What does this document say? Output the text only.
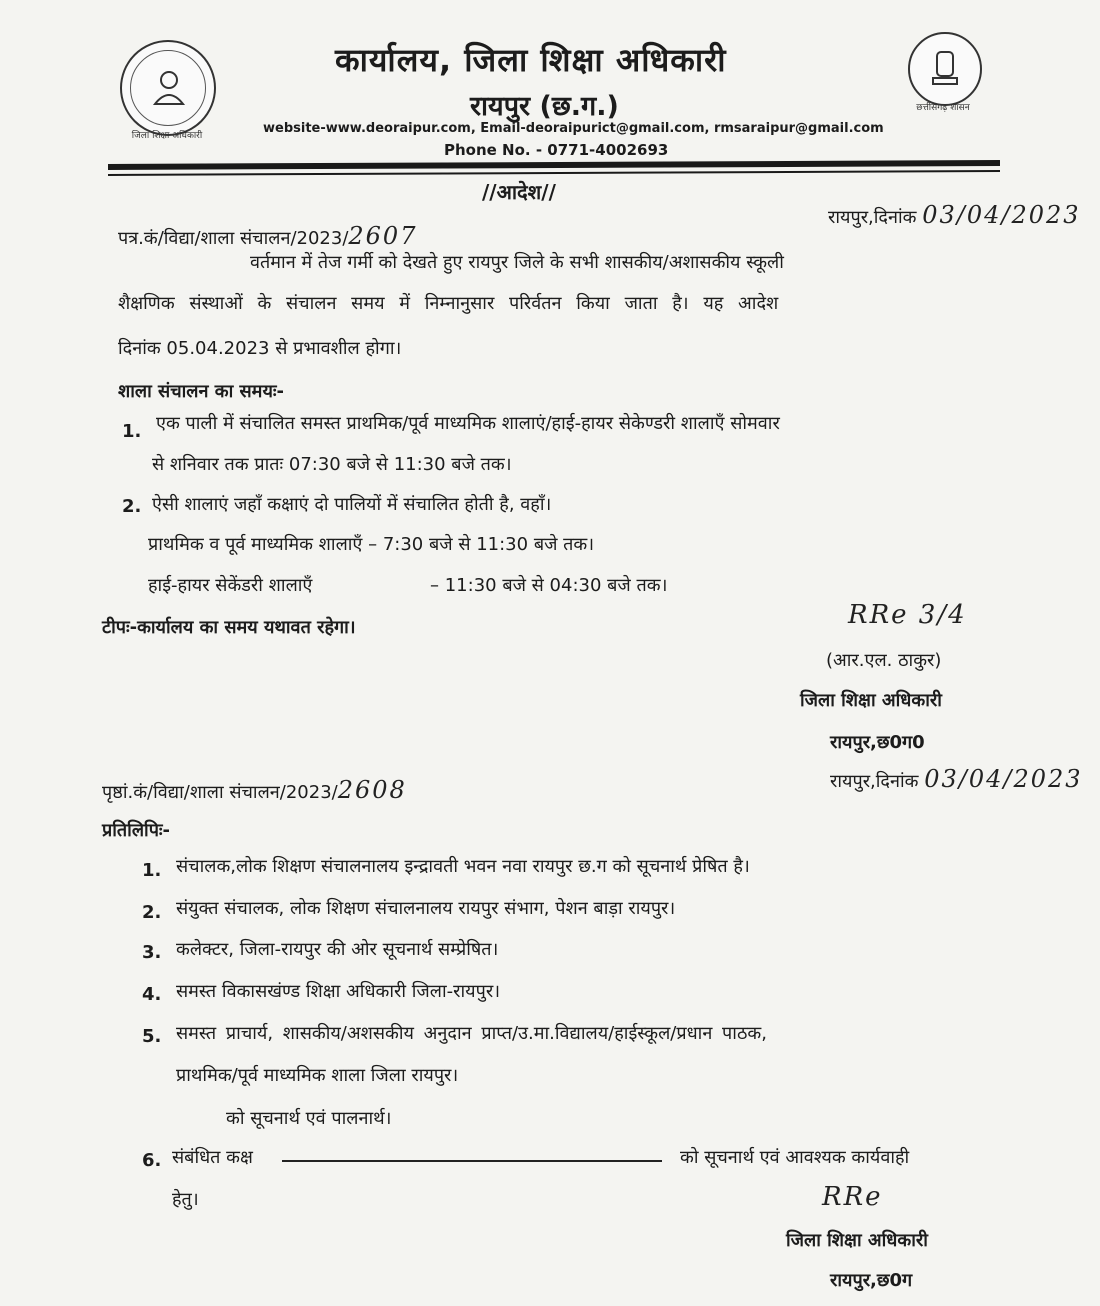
जिला शिक्षा अधिकारी
छत्तीसगढ़ शासन
कार्यालय, जिला शिक्षा अधिकारी
रायपुर (छ.ग.)
website-www.deoraipur.com, Email-deoraipurict@gmail.com, rmsaraipur@gmail.com
Phone No. - 0771-4002693
//आदेश//
पत्र.कं/विद्या/शाला संचालन/2023/2607
रायपुर,दिनांक 03/04/2023
वर्तमान में तेज गर्मी को देखते हुए रायपुर जिले के सभी शासकीय/अशासकीय स्कूली
शैक्षणिक संस्थाओं के संचालन समय में निम्नानुसार परिर्वतन किया जाता है। यह आदेश
दिनांक 05.04.2023 से प्रभावशील होगा।
शाला संचालन का समयः-
1. एक पाली में संचालित समस्त प्राथमिक/पूर्व माध्यमिक शालाएं/हाई-हायर सेकेण्डरी शालाएँ सोमवार
से शनिवार तक प्रातः 07:30 बजे से 11:30 बजे तक।
2. ऐसी शालाएं जहाँ कक्षाएं दो पालियों में संचालित होती है, वहाँ।
प्राथमिक व पूर्व माध्यमिक शालाएँ – 7:30 बजे से 11:30 बजे तक।
हाई-हायर सेकेंडरी शालाएँ	– 11:30 बजे से 04:30 बजे तक।
टीपः-कार्यालय का समय यथावत रहेगा।	RRe 3/4
(आर.एल. ठाकुर)
जिला शिक्षा अधिकारी
रायपुर,छ0ग0
पृष्ठां.कं/विद्या/शाला संचालन/2023/2608	रायपुर,दिनांक 03/04/2023
प्रतिलिपिः-
1. संचालक,लोक शिक्षण संचालनालय इन्द्रावती भवन नवा रायपुर छ.ग को सूचनार्थ प्रेषित है।
2. संयुक्त संचालक, लोक शिक्षण संचालनालय रायपुर संभाग, पेशन बाड़ा रायपुर।
3. कलेक्टर, जिला-रायपुर की ओर सूचनार्थ सम्प्रेषित।
4. समस्त विकासखंण्ड शिक्षा अधिकारी जिला-रायपुर।
5. समस्त प्राचार्य, शासकीय/अशसकीय अनुदान प्राप्त/उ.मा.विद्यालय/हाईस्कूल/प्रधान पाठक,
प्राथमिक/पूर्व माध्यमिक शाला जिला रायपुर।
को सूचनार्थ एवं पालनार्थ।
6. संबंधित कक्ष	को सूचनार्थ एवं आवश्यक कार्यवाही
हेतु।	RRe
जिला शिक्षा अधिकारी
रायपुर,छ0ग
